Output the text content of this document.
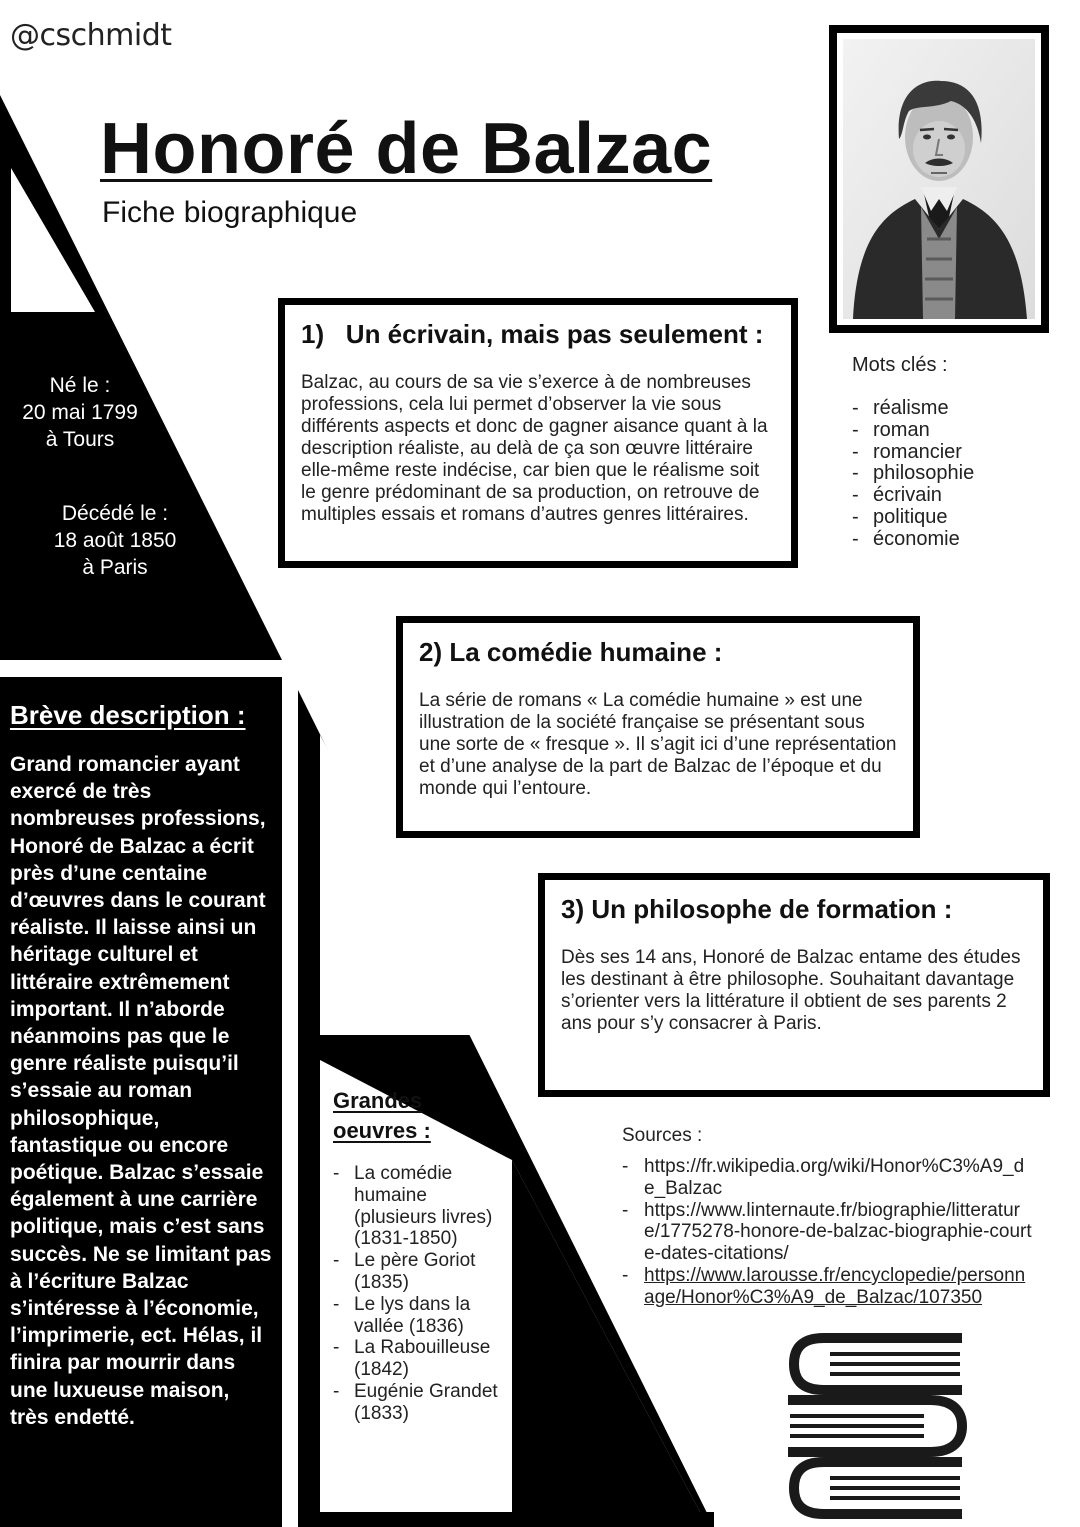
@cschmidt
Honoré de Balzac
Fiche biographique
Né le :
20 mai 1799
à Tours
Décédé le :
18 août 1850
à Paris
1)   Un écrivain, mais pas seulement :

Balzac, au cours de sa vie s’exerce à de nombreuses professions, cela lui permet d’observer la vie sous différents aspects et donc de gagner aisance quant à la description réaliste, au delà de ça son œuvre littéraire elle-même reste indécise, car bien que le réalisme soit le genre prédominant de sa production, on retrouve de multiples essais et romans d’autres genres littéraires.

Mots clés :
- réalisme
- roman
- romancier
- philosophie
- écrivain
- politique
- économie
2) La comédie humaine :

La série de romans « La comédie humaine » est une illustration de la société française se présentant sous une sorte de « fresque ». Il s’agit ici d’une représentation et d’une analyse de la part de Balzac de l’époque et du monde qui l’entoure.

3) Un philosophe de formation :

Dès ses 14 ans, Honoré de Balzac entame des études les destinant à être philosophe. Souhaitant davantage s’orienter vers la littérature il obtient de ses parents 2 ans pour s’y consacrer à Paris.

Brève description :
Grand romancier ayant exercé de très nombreuses professions, Honoré de Balzac a écrit près d’une centaine d’œuvres dans le courant réaliste. Il laisse ainsi un héritage culturel et littéraire extrêmement important. Il n’aborde néanmoins pas que le genre réaliste puisqu’il s’essaie au roman philosophique, fantastique ou encore poétique. Balzac s’essaie également à une carrière politique, mais c’est sans succès. Ne se limitant pas à l’écriture Balzac s’intéresse à l’économie, l’imprimerie, ect. Hélas, il finira par mourrir dans une luxueuse maison, très endetté.
Grandes oeuvres :
- La comédie humaine (plusieurs livres) (1831-1850)
- Le père Goriot (1835)
- Le lys dans la vallée (1836)
- La Rabouilleuse (1842)
- Eugénie Grandet (1833)
Sources :
- https://fr.wikipedia.org/wiki/Honor%C3%A9_de_Balzac
- https://www.linternaute.fr/biographie/litterature/1775278-honore-de-balzac-biographie-courte-dates-citations/
- https://www.larousse.fr/encyclopedie/personnage/Honor%C3%A9_de_Balzac/107350
